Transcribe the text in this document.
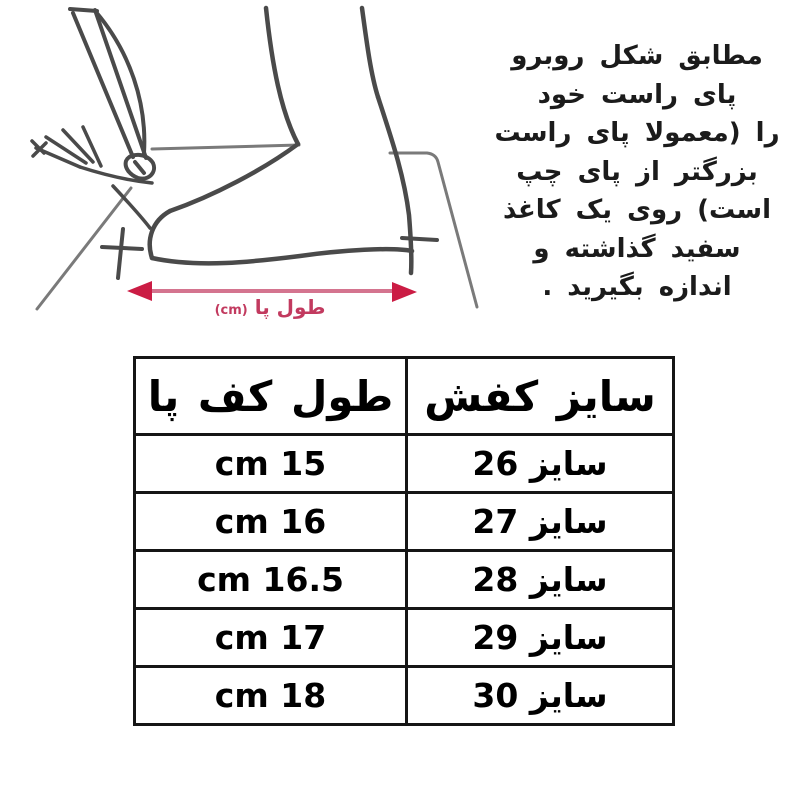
طول پا (cm)
مطابق شکل روبرو
پای راست خود
را (معمولا پای راست
بزرگتر از پای چپ
است) روی یک کاغذ
سفید گذاشته و
اندازه بگیرید .
سایز کفش	طول کف پا
سایز 26	15 cm
سایز 27	16 cm
سایز 28	16.5 cm
سایز 29	17 cm
سایز 30	18 cm
